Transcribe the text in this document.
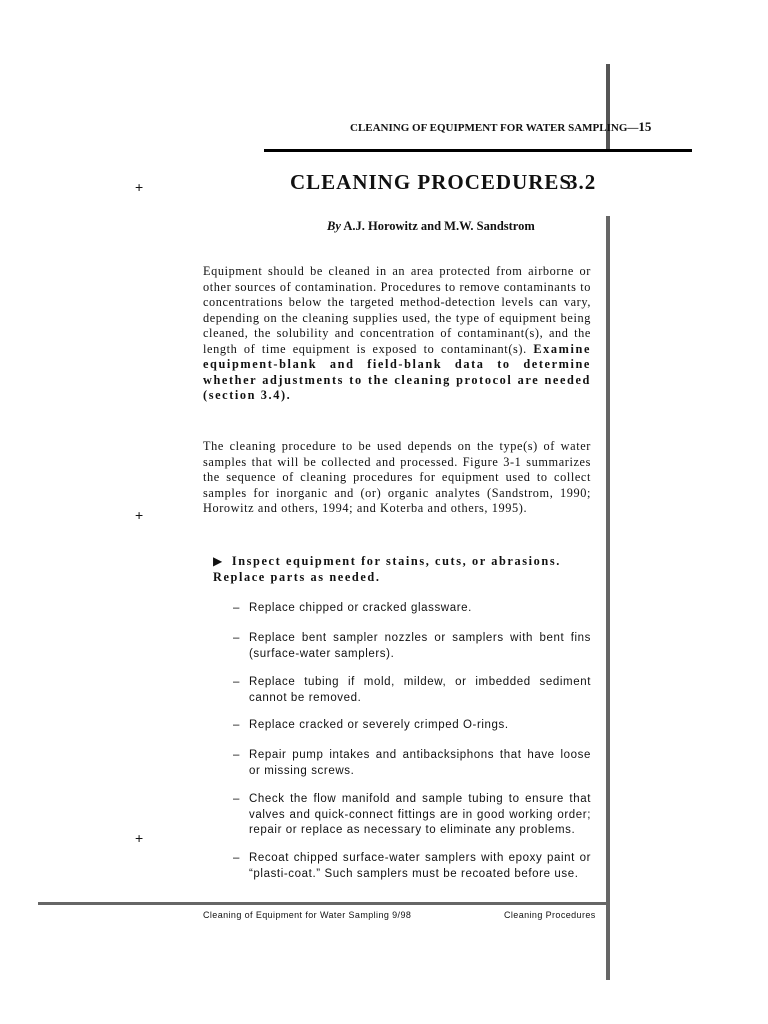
CLEANING OF EQUIPMENT FOR WATER SAMPLING—15
CLEANING PROCEDURES
3.2
By A.J. Horowitz and M.W. Sandstrom
+
+
+
Equipment should be cleaned in an area protected from airborne or other sources of contamination. Procedures to remove contaminants to concentrations below the targeted method-detection levels can vary, depending on the cleaning supplies used, the type of equipment being cleaned, the solubility and concentration of contaminant(s), and the length of time equipment is exposed to contaminant(s). Examine equipment-blank and field-blank data to determine whether adjustments to the cleaning protocol are needed (section 3.4).
The cleaning procedure to be used depends on the type(s) of water samples that will be collected and processed. Figure 3-1 summarizes the sequence of cleaning procedures for equipment used to collect samples for inorganic and (or) organic analytes (Sandstrom, 1990; Horowitz and others, 1994; and Koterba and others, 1995).
▶ Inspect equipment for stains, cuts, or abrasions. Replace parts as needed.
– Replace chipped or cracked glassware.
– Replace bent sampler nozzles or samplers with bent fins (surface-water samplers).
– Replace tubing if mold, mildew, or imbedded sediment cannot be removed.
– Replace cracked or severely crimped O-rings.
– Repair pump intakes and antibacksiphons that have loose or missing screws.
– Check the flow manifold and sample tubing to ensure that valves and quick-connect fittings are in good working order; repair or replace as necessary to eliminate any problems.
– Recoat chipped surface-water samplers with epoxy paint or “plasti-coat.” Such samplers must be recoated before use.
Cleaning of Equipment for Water Sampling 9/98	Cleaning Procedures
